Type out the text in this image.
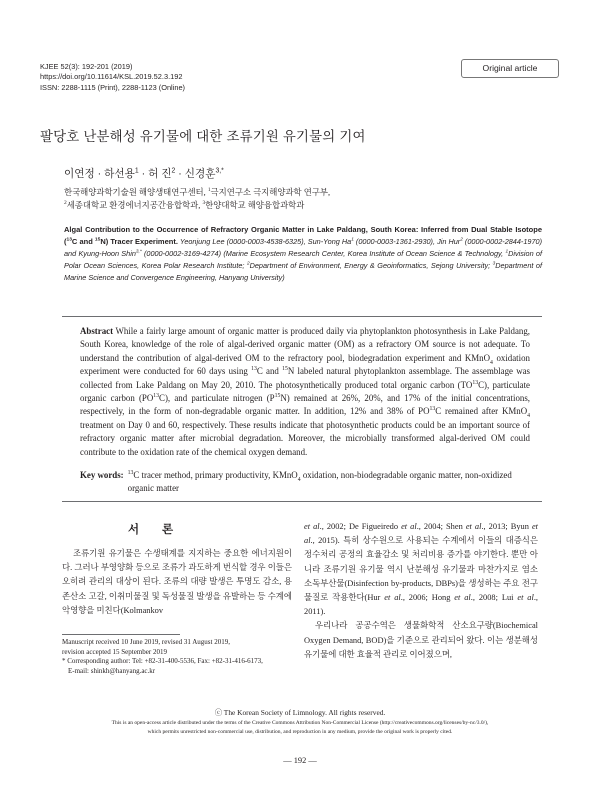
KJEE 52(3): 192-201 (2019)
https://doi.org/10.11614/KSL.2019.52.3.192
ISSN: 2288-1115 (Print), 2288-1123 (Online)
Original article
팔당호 난분해성 유기물에 대한 조류기원 유기물의 기여
이연정 · 하선용$^1$ · 허 진$^2$ · 신경훈$^{3,*}$
한국해양과학기술원 해양생태연구센터, $^1$극지연구소 극지해양과학 연구부,
$^2$세종대학교 환경에너지공간융합학과, $^3$한양대학교 해양융합과학과
Algal Contribution to the Occurrence of Refractory Organic Matter in Lake Paldang, South Korea: Inferred from Dual Stable Isotope ($^{13}$C and $^{15}$N) Tracer Experiment. Yeonjung Lee (0000-0003-4538-6325), Sun-Yong Ha$^1$ (0000-0003-1361-2930), Jin Hur$^2$ (0000-0002-2844-1970) and Kyung-Hoon Shin$^{3,*}$ (0000-0002-3169-4274) (Marine Ecosystem Research Center, Korea Institute of Ocean Science & Technology, $^1$Division of Polar Ocean Sciences, Korea Polar Research Institute; $^2$Department of Environment, Energy & Geoinformatics, Sejong University; $^3$Department of Marine Science and Convergence Engineering, Hanyang University)
Abstract While a fairly large amount of organic matter is produced daily via phytoplankton photosynthesis in Lake Paldang, South Korea, knowledge of the role of algal-derived organic matter (OM) as a refractory OM source is not adequate. To understand the contribution of algal-derived OM to the refractory pool, biodegradation experiment and KMnO$_4$ oxidation experiment were conducted for 60 days using $^{13}$C and $^{15}$N labeled natural phytoplankton assemblage. The assemblage was collected from Lake Paldang on May 20, 2010. The photosynthetically produced total organic carbon (TO$^{13}$C), particulate organic carbon (PO$^{13}$C), and particulate nitrogen $(P^{15}N)$ remained at 26%, 20%, and 17% of the initial concentrations, respectively, in the form of non-degradable organic matter. In addition, 12% and 38% of PO$^{13}$C remained after KMnO$_4$ treatment on Day 0 and 60, respectively. These results indicate that photosynthetic products could be an important source of refractory organic matter after microbial degradation. Moreover, the microbially transformed algal-derived OM could contribute to the oxidation rate of the chemical oxygen demand.
Key words: $^{13}$C tracer method, primary productivity, KMnO$_4$ oxidation, non-biodegradable organic matter, non-oxidized organic matter
서 론
조류기원 유기물은 수생태계를 지지하는 중요한 에너지원이다. 그러나 부영양화 등으로 조류가 과도하게 번식할 경우 이들은 오히려 관리의 대상이 된다. 조류의 대량 발생은 투명도 감소, 용존산소 고갈, 이취미물질 및 독성물질 발생을 유발하는 등 수계에 악영향을 미친다(Kolmankov

et al., 2002; De Figueiredo et al., 2004; Shen et al., 2013; Byun et al., 2015). 특히 상수원으로 사용되는 수계에서 이들의 대증식은 정수처리 공정의 효율감소 및 처리비용 증가를 야기한다. 뿐만 아니라 조류기원 유기물 역시 난분해성 유기물과 마찬가지로 염소 소독부산물(Disinfection by-products, DBPs)을 생성하는 주요 전구물질로 작용한다(Hur et al., 2006; Hong et al., 2008; Lui et al., 2011).

우리나라 공공수역은 생물화학적 산소요구량(Biochemical Oxygen Demand, BOD)을 기준으로 관리되어 왔다. 이는 생분해성 유기물에 대한 효율적 관리로 이어졌으며,

Manuscript received 10 June 2019, revised 31 August 2019,
revision accepted 15 September 2019
* Corresponding author: Tel: +82-31-400-5536, Fax: +82-31-416-6173,
E-mail: shinkh@hanyang.ac.kr
ⓒ The Korean Society of Limnology. All rights reserved.
This is an open-access article distributed under the terms of the Creative Commons Attribution Non-Commercial License (http://creativecommons.org/licenses/by-nc/3.0/),
which permits unrestricted non-commercial use, distribution, and reproduction in any medium, provide the original work is properly cited.
— 192 —
